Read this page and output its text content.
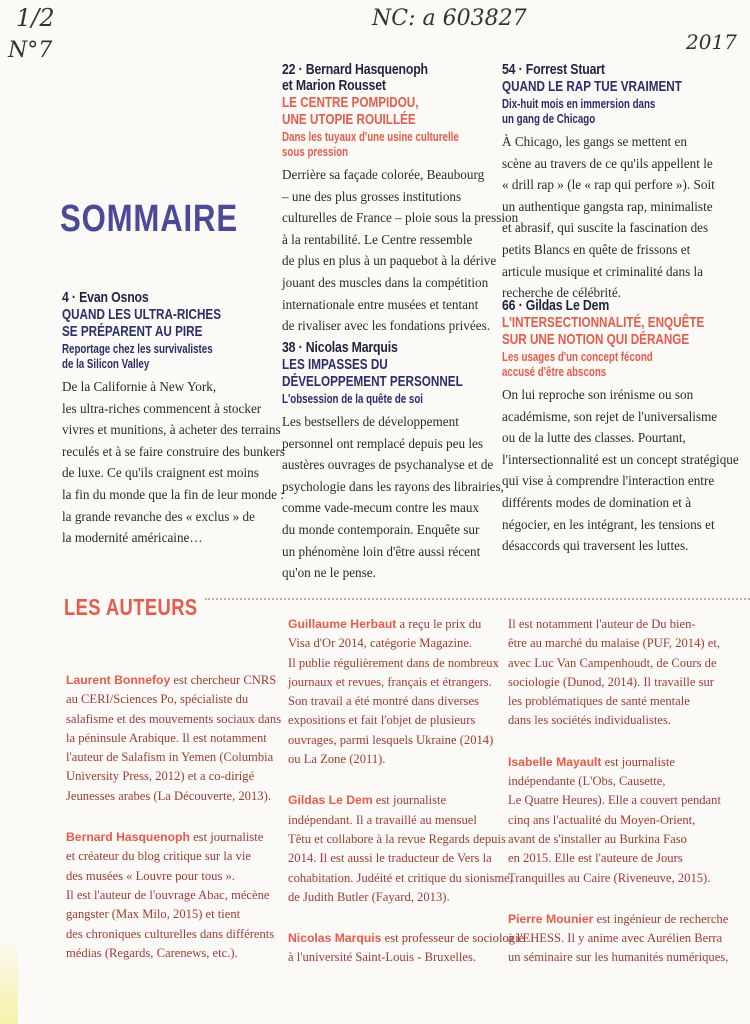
1/2
N°7
NC: a 603827
2017
SOMMAIRE
4 · Evan Osnos
QUAND LES ULTRA-RICHES
SE PRÉPARENT AU PIRE
Reportage chez les survivalistes
de la Silicon Valley

De la Californie à New York,

les ultra-riches commencent à stocker

vivres et munitions, à acheter des terrains

reculés et à se faire construire des bunkers

de luxe. Ce qu'ils craignent est moins

la fin du monde que la fin de leur monde :

la grande revanche des « exclus » de

la modernité américaine…

22 · Bernard Hasquenoph
et Marion Rousset
LE CENTRE POMPIDOU,
UNE UTOPIE ROUILLÉE
Dans les tuyaux d'une usine culturelle
sous pression

Derrière sa façade colorée, Beaubourg

– une des plus grosses institutions

culturelles de France – ploie sous la pression

à la rentabilité. Le Centre ressemble

de plus en plus à un paquebot à la dérive

jouant des muscles dans la compétition

internationale entre musées et tentant

de rivaliser avec les fondations privées.

38 · Nicolas Marquis
LES IMPASSES DU
DÉVELOPPEMENT PERSONNEL
L'obsession de la quête de soi

Les bestsellers de développement

personnel ont remplacé depuis peu les

austères ouvrages de psychanalyse et de

psychologie dans les rayons des librairies,

comme vade-mecum contre les maux

du monde contemporain. Enquête sur

un phénomène loin d'être aussi récent

qu'on ne le pense.

54 · Forrest Stuart
QUAND LE RAP TUE VRAIMENT
Dix-huit mois en immersion dans
un gang de Chicago

À Chicago, les gangs se mettent en

scène au travers de ce qu'ils appellent le

« drill rap » (le « rap qui perfore »). Soit

un authentique gangsta rap, minimaliste

et abrasif, qui suscite la fascination des

petits Blancs en quête de frissons et

articule musique et criminalité dans la

recherche de célébrité.

66 · Gildas Le Dem
L'INTERSECTIONNALITÉ, ENQUÊTE
SUR UNE NOTION QUI DÉRANGE
Les usages d'un concept fécond
accusé d'être abscons

On lui reproche son irénisme ou son

académisme, son rejet de l'universalisme

ou de la lutte des classes. Pourtant,

l'intersectionnalité est un concept stratégique

qui vise à comprendre l'interaction entre

différents modes de domination et à

négocier, en les intégrant, les tensions et

désaccords qui traversent les luttes.

LES AUTEURS

Laurent Bonnefoy est chercheur CNRS

au CERI/Sciences Po, spécialiste du

salafisme et des mouvements sociaux dans

la péninsule Arabique. Il est notamment

l'auteur de Salafism in Yemen (Columbia

University Press, 2012) et a co-dirigé

Jeunesses arabes (La Découverte, 2013).

Bernard Hasquenoph est journaliste

et créateur du blog critique sur la vie

des musées « Louvre pour tous ».

Il est l'auteur de l'ouvrage Abac, mécène

gangster (Max Milo, 2015) et tient

des chroniques culturelles dans différents

médias (Regards, Carenews, etc.).

Guillaume Herbaut a reçu le prix du

Visa d'Or 2014, catégorie Magazine.

Il publie régulièrement dans de nombreux

journaux et revues, français et étrangers.

Son travail a été montré dans diverses

expositions et fait l'objet de plusieurs

ouvrages, parmi lesquels Ukraine (2014)

ou La Zone (2011).

Gildas Le Dem est journaliste

indépendant. Il a travaillé au mensuel

Têtu et collabore à la revue Regards depuis

2014. Il est aussi le traducteur de Vers la

cohabitation. Judéité et critique du sionisme,

de Judith Butler (Fayard, 2013).

Nicolas Marquis est professeur de sociologie

à l'université Saint-Louis - Bruxelles.

Il est notamment l'auteur de Du bien-

être au marché du malaise (PUF, 2014) et,

avec Luc Van Campenhoudt, de Cours de

sociologie (Dunod, 2014). Il travaille sur

les problématiques de santé mentale

dans les sociétés individualistes.

Isabelle Mayault est journaliste

indépendante (L'Obs, Causette,

Le Quatre Heures). Elle a couvert pendant

cinq ans l'actualité du Moyen-Orient,

avant de s'installer au Burkina Faso

en 2015. Elle est l'auteure de Jours

Tranquilles au Caire (Riveneuve, 2015).

Pierre Mounier est ingénieur de recherche

à l'EHESS. Il y anime avec Aurélien Berra

un séminaire sur les humanités numériques,
